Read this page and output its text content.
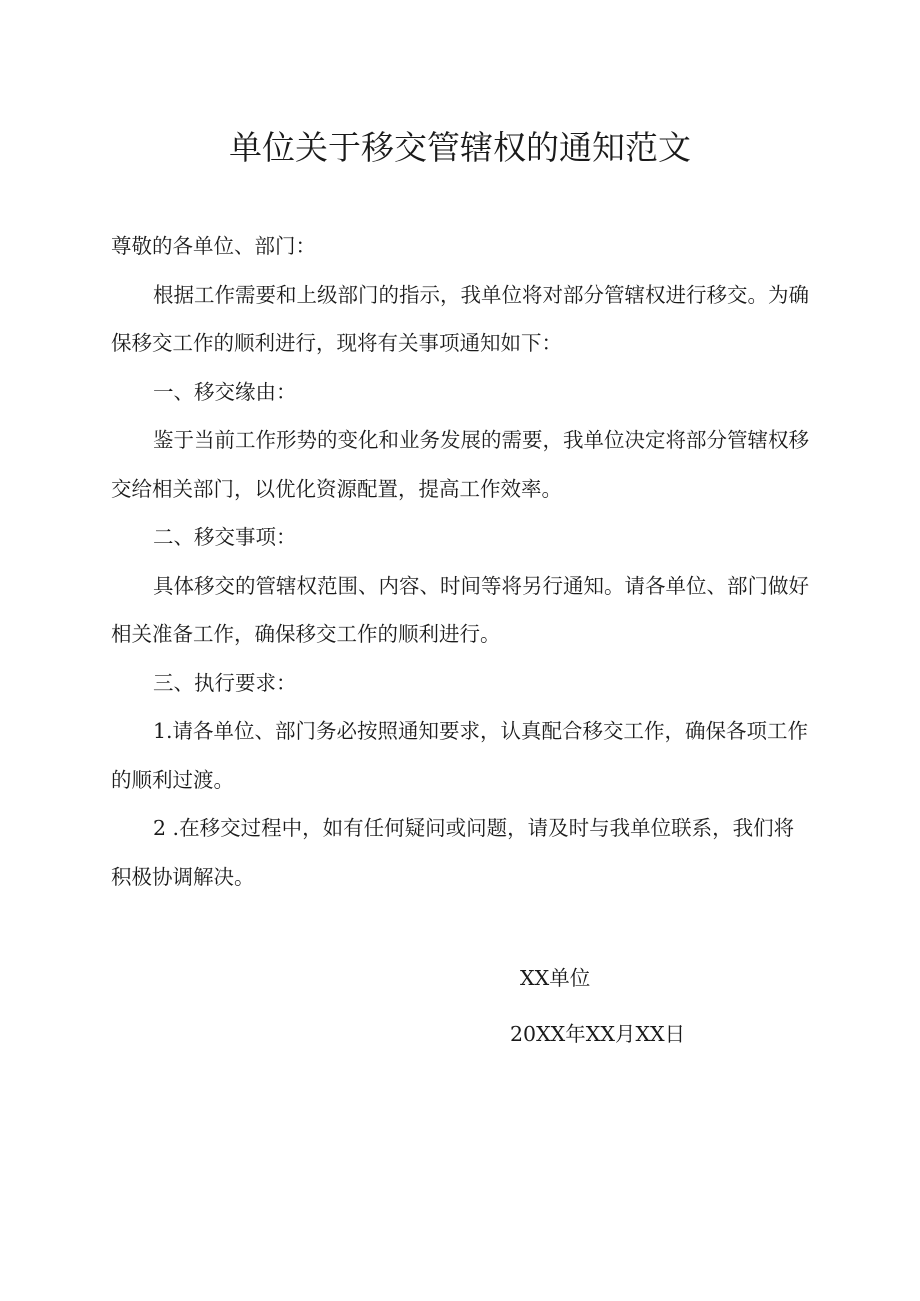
单位关于移交管辖权的通知范文

尊敬的各单位、部门：

根据工作需要和上级部门的指示，我单位将对部分管辖权进行移交。为确保移交工作的顺利进行，现将有关事项通知如下：

一、移交缘由：

鉴于当前工作形势的变化和业务发展的需要，我单位决定将部分管辖权移交给相关部门，以优化资源配置，提高工作效率。

二、移交事项：

具体移交的管辖权范围、内容、时间等将另行通知。请各单位、部门做好相关准备工作，确保移交工作的顺利进行。

三、执行要求：

1.请各单位、部门务必按照通知要求，认真配合移交工作，确保各项工作的顺利过渡。

2 .在移交过程中，如有任何疑问或问题，请及时与我单位联系，我们将积极协调解决。

XX单位
20XX年XX月XX日
